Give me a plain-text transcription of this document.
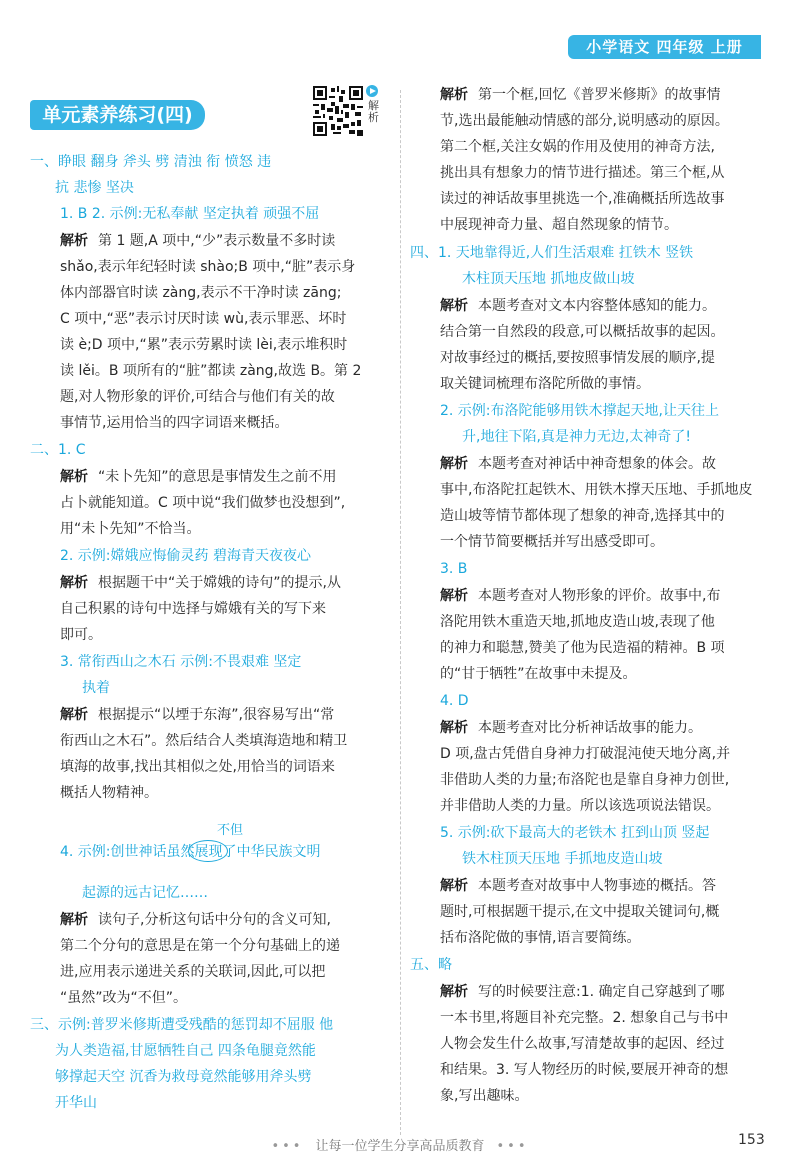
小学语文 四年级 上册
单元素养练习(四)	解析
一、睁眼 翻身 斧头 劈 清浊 衔 愤怒 违
抗 悲惨 坚决
1. B 2. 示例:无私奉献 坚定执着 顽强不屈
解析 第 1 题,A 项中,“少”表示数量不多时读
shǎo,表示年纪轻时读 shào;B 项中,“脏”表示身
体内部器官时读 zàng,表示不干净时读 zāng;
C 项中,“恶”表示讨厌时读 wù,表示罪恶、坏时
读 è;D 项中,“累”表示劳累时读 lèi,表示堆积时
读 lěi。B 项所有的“脏”都读 zàng,故选 B。第 2
题,对人物形象的评价,可结合与他们有关的故
事情节,运用恰当的四字词语来概括。
二、1. C
解析 “未卜先知”的意思是事情发生之前不用
占卜就能知道。C 项中说“我们做梦也没想到”,
用“未卜先知”不恰当。
2. 示例:嫦娥应悔偷灵药 碧海青天夜夜心
解析 根据题干中“关于嫦娥的诗句”的提示,从
自己积累的诗句中选择与嫦娥有关的写下来
即可。
3. 常衔西山之木石 示例:不畏艰难 坚定
执着
解析 根据提示“以堙于东海”,很容易写出“常
衔西山之木石”。然后结合人类填海造地和精卫
填海的故事,找出其相似之处,用恰当的词语来
概括人物精神。
4. 示例:创世神话虽然展现了中华民族文明
起源的远古记忆……
解析 读句子,分析这句话中分句的含义可知,
第二个分句的意思是在第一个分句基础上的递
进,应用表示递进关系的关联词,因此,可以把
“虽然”改为“不但”。
三、示例:普罗米修斯遭受残酷的惩罚却不屈服 他
为人类造福,甘愿牺牲自己 四条龟腿竟然能
够撑起天空 沉香为救母竟然能够用斧头劈
开华山
解析 第一个框,回忆《普罗米修斯》的故事情
节,选出最能触动情感的部分,说明感动的原因。
第二个框,关注女娲的作用及使用的神奇方法,
挑出具有想象力的情节进行描述。第三个框,从
读过的神话故事里挑选一个,准确概括所选故事
中展现神奇力量、超自然现象的情节。
四、1. 天地靠得近,人们生活艰难 扛铁木 竖铁
木柱顶天压地 抓地皮做山坡
解析 本题考查对文本内容整体感知的能力。
结合第一自然段的段意,可以概括故事的起因。
对故事经过的概括,要按照事情发展的顺序,提
取关键词梳理布洛陀所做的事情。
2. 示例:布洛陀能够用铁木撑起天地,让天往上
升,地往下陷,真是神力无边,太神奇了!
解析 本题考查对神话中神奇想象的体会。故
事中,布洛陀扛起铁木、用铁木撑天压地、手抓地皮
造山坡等情节都体现了想象的神奇,选择其中的
一个情节简要概括并写出感受即可。
3. B
解析 本题考查对人物形象的评价。故事中,布
洛陀用铁木重造天地,抓地皮造山坡,表现了他
的神力和聪慧,赞美了他为民造福的精神。B 项
的“甘于牺牲”在故事中未提及。
4. D
解析 本题考查对比分析神话故事的能力。
D 项,盘古凭借自身神力打破混沌使天地分离,并
非借助人类的力量;布洛陀也是靠自身神力创世,
并非借助人类的力量。所以该选项说法错误。
5. 示例:砍下最高大的老铁木 扛到山顶 竖起
铁木柱顶天压地 手抓地皮造山坡
解析 本题考查对故事中人物事迹的概括。答
题时,可根据题干提示,在文中提取关键词句,概
括布洛陀做的事情,语言要简练。
五、略
解析 写的时候要注意:1. 确定自己穿越到了哪
一本书里,将题目补充完整。2. 想象自己与书中
人物会发生什么故事,写清楚故事的起因、经过
和结果。3. 写人物经历的时候,要展开神奇的想
象,写出趣味。
不但
••• 让每一位学生分享高品质教育 •••	153
